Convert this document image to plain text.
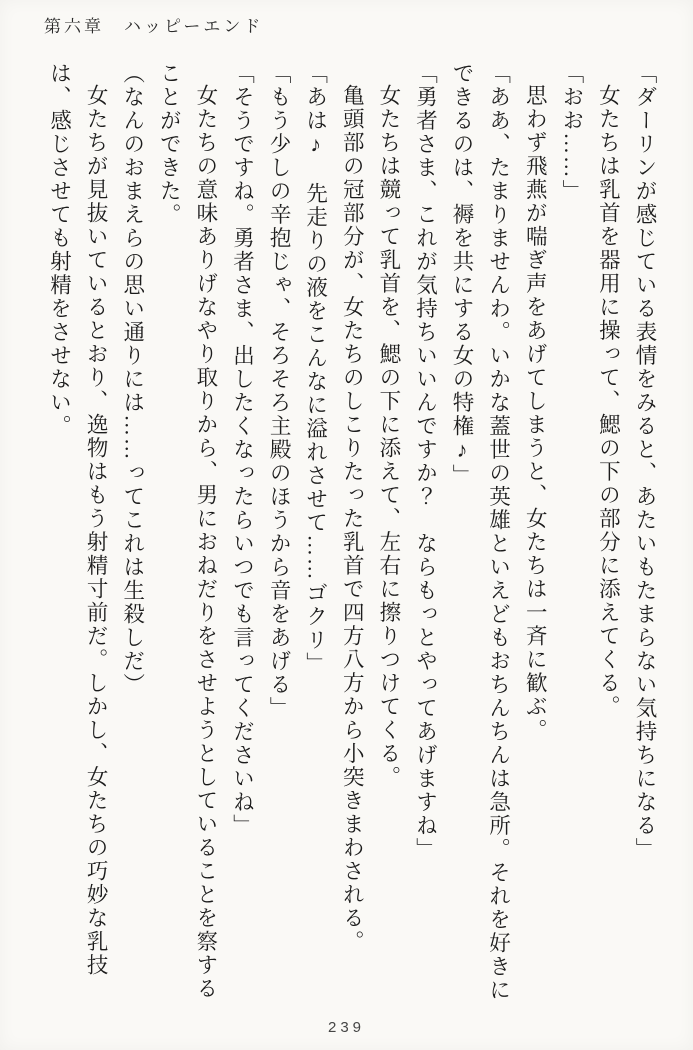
第六章　ハッピーエンド

「ダーリンが感じている表情をみると、あたいもたまらない気持ちになる」

女たちは乳首を器用に操って、鰓の下の部分に添えてくる。

「おお……」

思わず飛燕が喘ぎ声をあげてしまうと、女たちは一斉に歓ぶ。

「ああ、たまりませんわ。いかな蓋世の英雄といえどもおちんちんは急所。それを好きにできるのは、褥を共にする女の特権♪」

「勇者さま、これが気持ちいいんですか？　ならもっとやってあげますね」

女たちは競って乳首を、鰓の下に添えて、左右に擦りつけてくる。

亀頭部の冠部分が、女たちのしこりたった乳首で四方八方から小突きまわされる。

「あは♪　先走りの液をこんなに溢れさせて……ゴクリ」

「もう少しの辛抱じゃ、そろそろ主殿のほうから音をあげる」

「そうですね。勇者さま、出したくなったらいつでも言ってくださいね」

女たちの意味ありげなやり取りから、男におねだりをさせようとしていることを察することができた。

（なんのおまえらの思い通りには……ってこれは生殺しだ）

女たちが見抜いているとおり、逸物はもう射精寸前だ。しかし、女たちの巧妙な乳技は、感じさせても射精をさせない。

239
